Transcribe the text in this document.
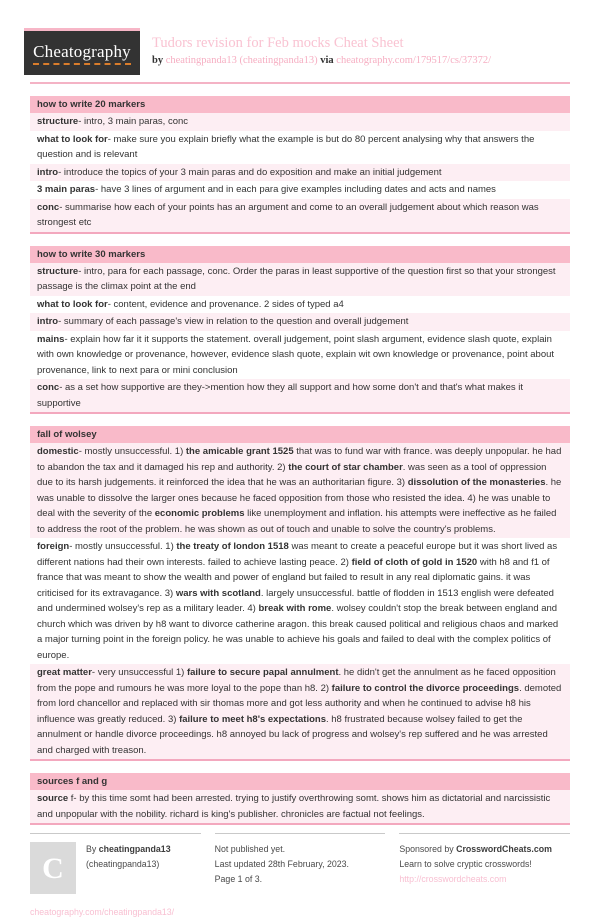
Cheatography Tudors revision for Feb mocks Cheat Sheet
by cheatingpanda13 (cheatingpanda13) via cheatography.com/179517/cs/37372/
how to write 20 markers
structure- intro, 3 main paras, conc
what to look for- make sure you explain briefly what the example is but do 80 percent analysing why that answers the question and is relevant
intro- introduce the topics of your 3 main paras and do exposition and make an initial judgement
3 main paras- have 3 lines of argument and in each para give examples including dates and acts and names
conc- summarise how each of your points has an argument and come to an overall judgement about which reason was strongest etc
how to write 30 markers
structure- intro, para for each passage, conc. Order the paras in least supportive of the question first so that your strongest passage is the climax point at the end
what to look for- content, evidence and provenance. 2 sides of typed a4
intro- summary of each passage's view in relation to the question and overall judgement
mains- explain how far it it supports the statement. overall judgement, point slash argument, evidence slash quote, explain with own knowledge or provenance, however, evidence slash quote, explain wit own knowledge or provenance, point about provenance, link to next para or mini conclusion
conc- as a set how supportive are they->mention how they all support and how some don't and that's what makes it supportive
fall of wolsey
domestic- mostly unsuccessful. 1) the amicable grant 1525 that was to fund war with france. was deeply unpopular. he had to abandon the tax and it damaged his rep and authority. 2) the court of star chamber. was seen as a tool of oppression due to its harsh judgements. it reinforced the idea that he was an authoritarian figure. 3) dissolution of the monasteries. he was unable to dissolve the larger ones because he faced opposition from those who resisted the idea. 4) he was unable to deal with the severity of the economic problems like unemployment and inflation. his attempts were ineffective as he failed to address the root of the problem. he was shown as out of touch and unable to solve the country's problems.
foreign- mostly unsuccessful. 1) the treaty of london 1518 was meant to create a peaceful europe but it was short lived as different nations had their own interests. failed to achieve lasting peace. 2) field of cloth of gold in 1520 with h8 and f1 of france that was meant to show the wealth and power of england but failed to result in any real diplomatic gains. it was criticised for its extravagance. 3) wars with scotland. largely unsuccessful. battle of flodden in 1513 english were defeated and undermined wolsey's rep as a military leader. 4) break with rome. wolsey couldn't stop the break between england and church which was driven by h8 want to divorce catherine aragon. this break caused political and religious chaos and marked a major turning point in the foreign policy. he was unable to achieve his goals and failed to deal with the complex politics of europe.
great matter- very unsuccessful 1) failure to secure papal annulment. he didn't get the annulment as he faced opposition from the pope and rumours he was more loyal to the pope than h8. 2) failure to control the divorce proceedings. demoted from lord chancellor and replaced with sir thomas more and got less authority and when he continued to advise h8 his influence was greatly reduced. 3) failure to meet h8's expectations. h8 frustrated because wolsey failed to get the annulment or handle divorce proceedings. h8 annoyed bu lack of progress and wolsey's rep suffered and he was arrested and charged with treason.
sources f and g
source f- by this time somt had been arrested. trying to justify overthrowing somt. shows him as dictatorial and narcissistic and unpopular with the nobility. richard is king's publisher. chronicles are factual not feelings.
C
By cheatingpanda13
(cheatingpanda13)
cheatography.com/cheatingpanda13/
Not published yet.
Last updated 28th February, 2023.
Page 1 of 3.
Sponsored by CrosswordCheats.com
Learn to solve cryptic crosswords!
http://crosswordcheats.com
